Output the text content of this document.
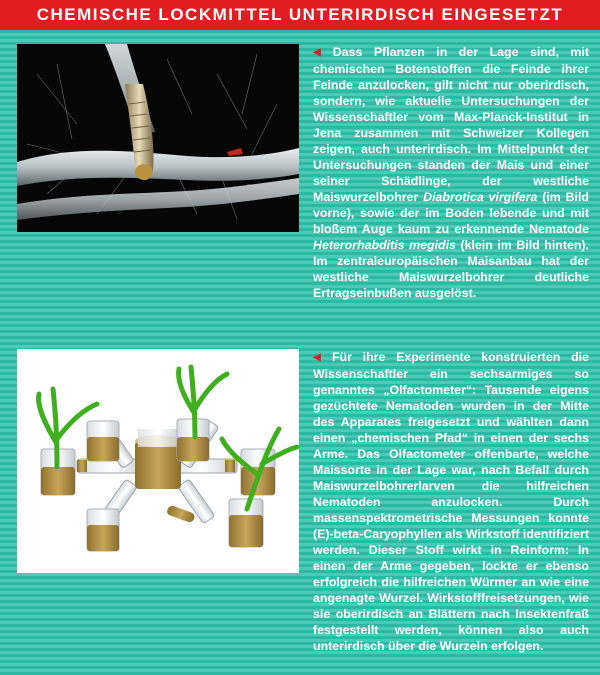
CHEMISCHE LOCKMITTEL UNTERIRDISCH EINGESETZT
◀ Dass Pflanzen in der Lage sind, mit chemischen Botenstoffen die Feinde ihrer Feinde anzulocken, gilt nicht nur oberirdisch, sondern, wie aktuelle Untersuchungen der Wissenschaftler vom Max-Planck-Institut in Jena zusammen mit Schweizer Kollegen zeigen, auch unterirdisch. Im Mittelpunkt der Untersuchungen standen der Mais und einer seiner Schädlinge, der westliche Maiswurzelbohrer Diabrotica virgifera (im Bild vorne), sowie der im Boden lebende und mit bloßem Auge kaum zu erkennende Nematode Heterorhabditis megidis (klein im Bild hinten). Im zentraleuropäischen Maisanbau hat der westliche Maiswurzelbohrer deutliche Ertragseinbußen ausgelöst.
◀ Für ihre Experimente konstruierten die Wissenschaftler ein sechsarmiges so genanntes „Olfactometer“: Tausende eigens gezüchtete Nematoden wurden in der Mitte des Apparates freigesetzt und wählten dann einen „chemischen Pfad“ in einen der sechs Arme. Das Olfactometer offenbarte, welche Maissorte in der Lage war, nach Befall durch Maiswurzelbohrerlarven die hilfreichen Nematoden anzulocken. Durch massenspektrometrische Messungen konnte (E)-beta-Caryophyllen als Wirkstoff identifiziert werden. Dieser Stoff wirkt in Reinform: In einen der Arme gegeben, lockte er ebenso erfolgreich die hilfreichen Würmer an wie eine angenagte Wurzel. Wirkstofffreisetzungen, wie sie oberirdisch an Blättern nach Insektenfraß festgestellt werden, können also auch unterirdisch über die Wurzeln erfolgen.
